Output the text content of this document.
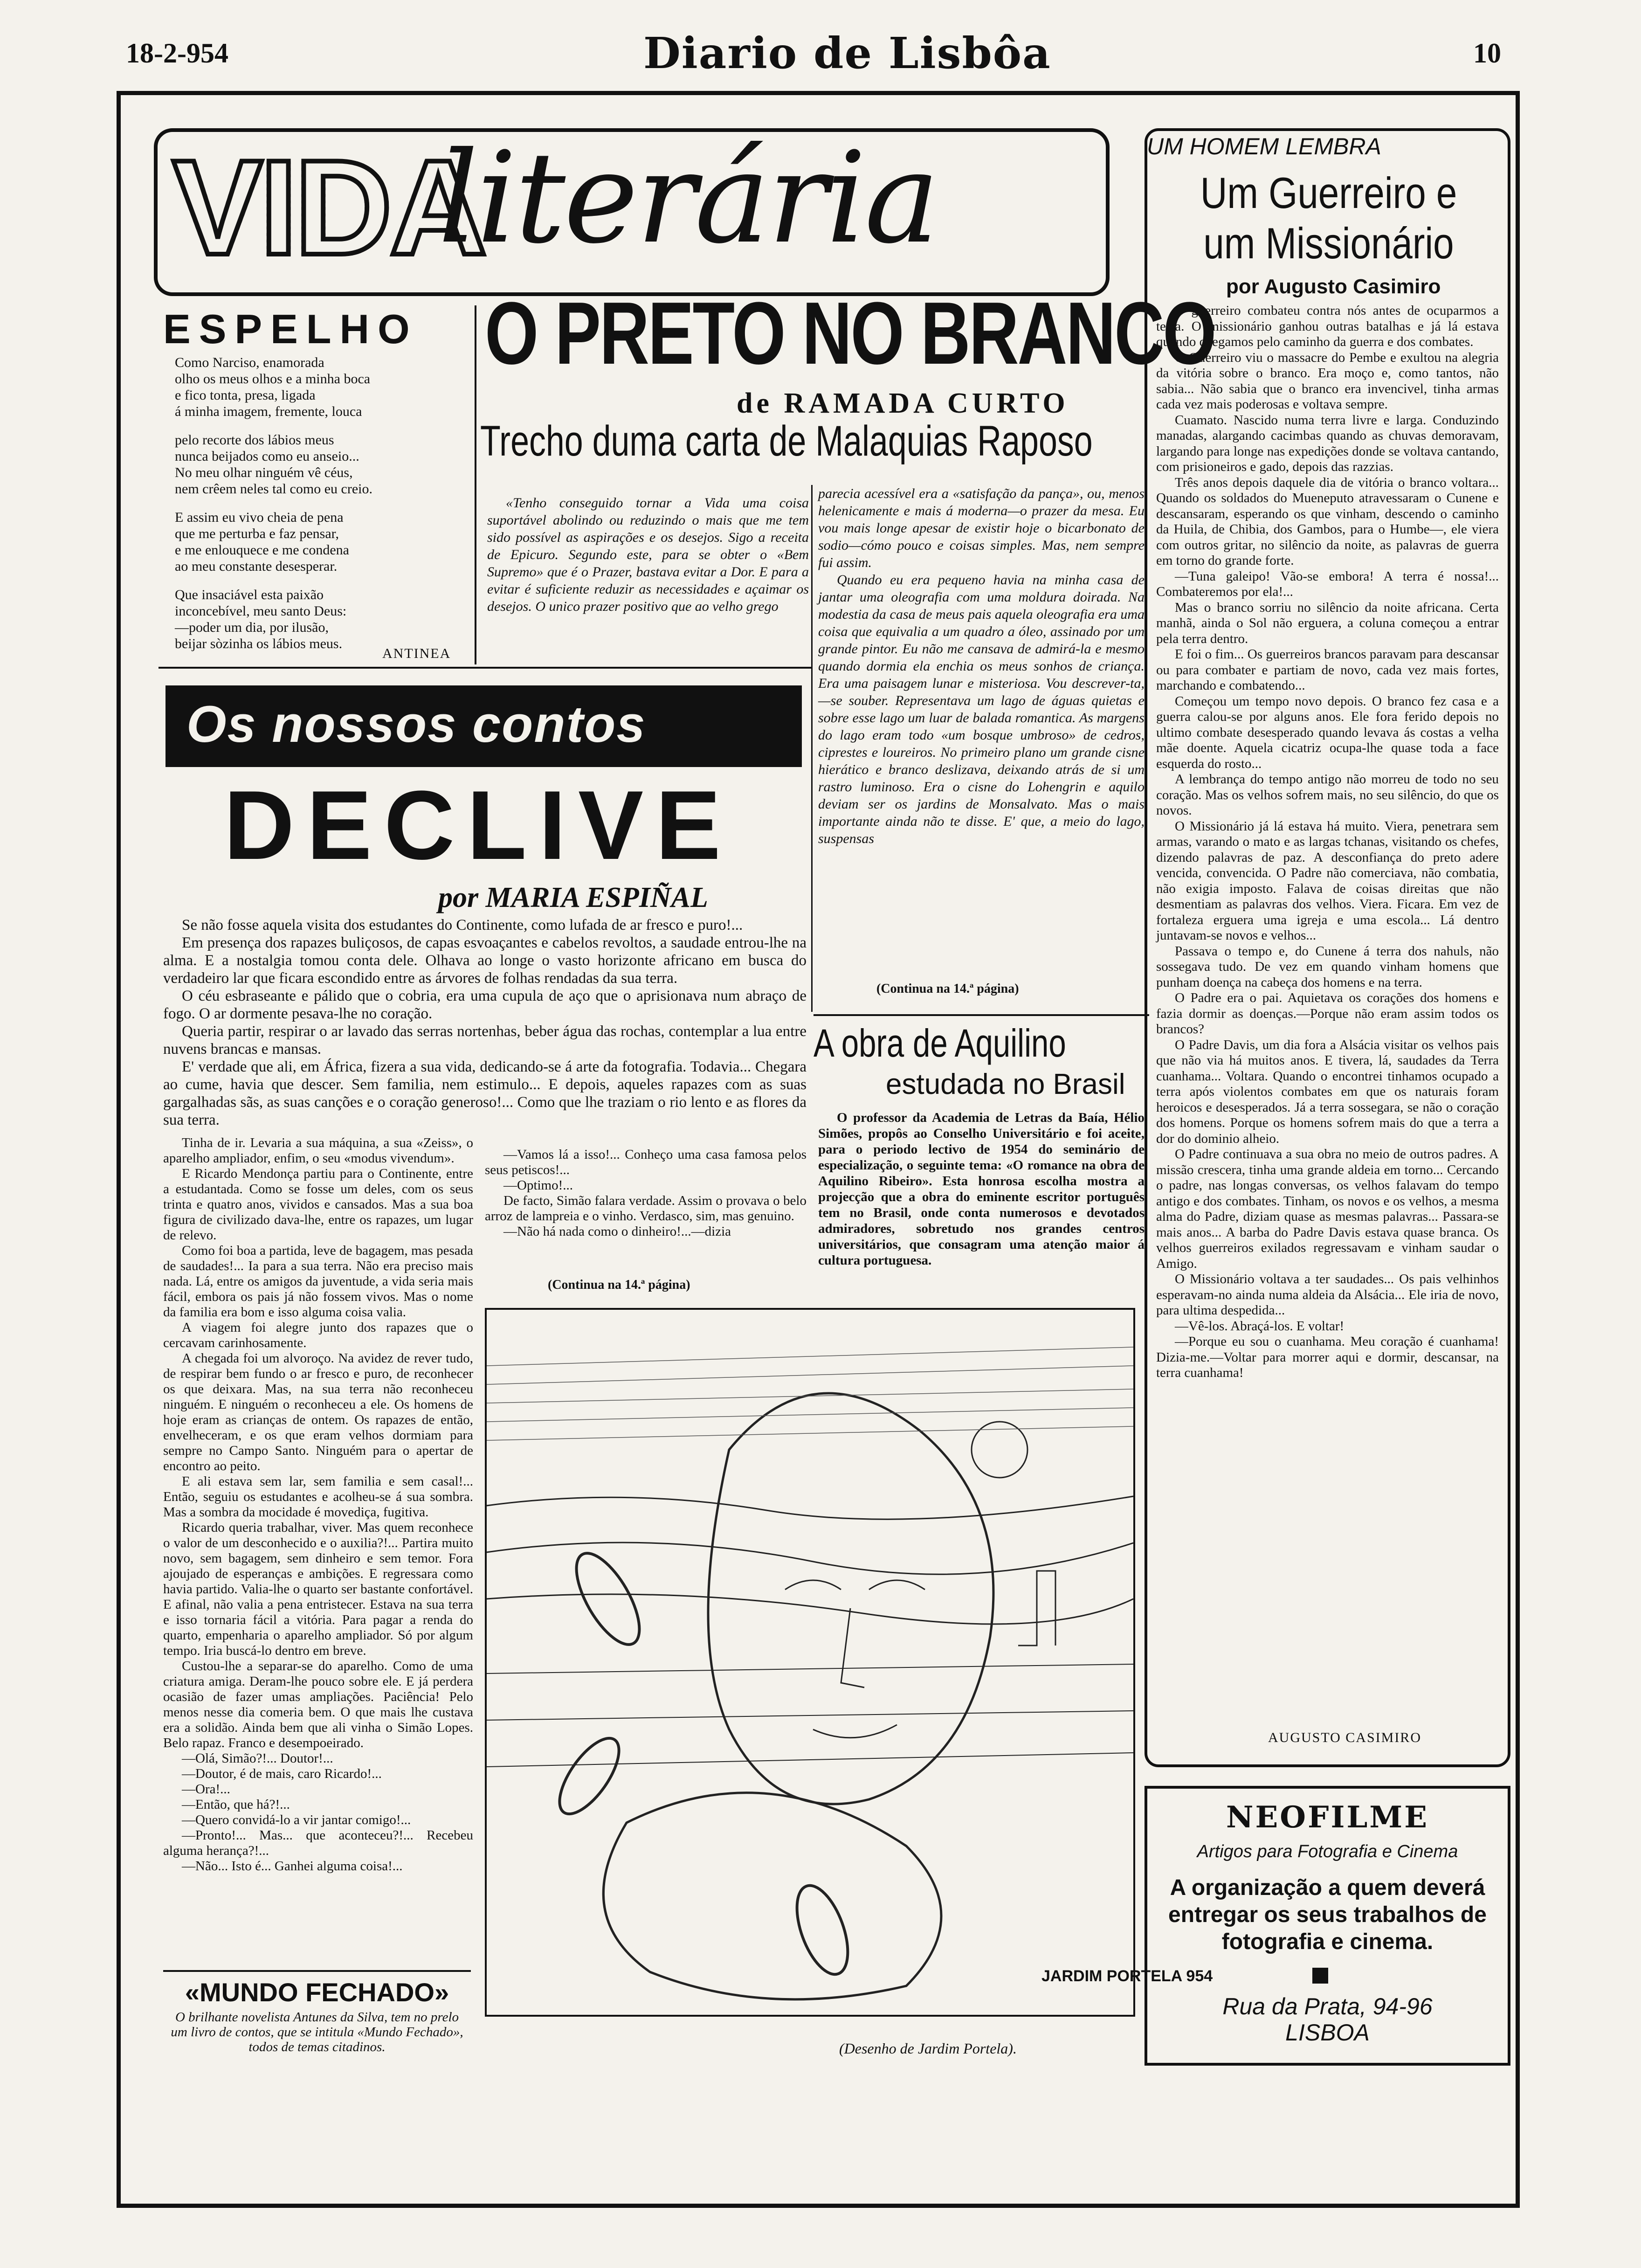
18-2-954	Diario de Lisbôa	10
VIDA
literária
ESPELHO
Como Narciso, enamorada
olho os meus olhos e a minha boca
e fico tonta, presa, ligada
á minha imagem, fremente, louca
pelo recorte dos lábios meus
nunca beijados como eu anseio...
No meu olhar ninguém vê céus,
nem crêem neles tal como eu creio.
E assim eu vivo cheia de pena
que me perturba e faz pensar,
e me enlouquece e me condena
ao meu constante desesperar.
Que insaciável esta paixão
inconcebível, meu santo Deus:
—poder um dia, por ilusão,
beijar sòzinha os lábios meus.
ANTINEA
O PRETO NO BRANCO
de RAMADA CURTO
Trecho duma carta de Malaquias Raposo

«Tenho conseguido tornar a Vida uma coisa suportável abolindo ou reduzindo o mais que me tem sido possível as aspirações e os desejos. Sigo a receita de Epicuro. Segundo este, para se obter o «Bem Supremo» que é o Prazer, bastava evitar a Dor. E para a evitar é suficiente reduzir as necessidades e açaimar os desejos. O unico prazer positivo que ao velho grego

parecia acessível era a «satisfação da pança», ou, menos helenicamente e mais á moderna—o prazer da mesa. Eu vou mais longe apesar de existir hoje o bicarbonato de sodio—cómo pouco e coisas simples. Mas, nem sempre fui assim.

Quando eu era pequeno havia na minha casa de jantar uma oleografia com uma moldura doirada. Na modestia da casa de meus pais aquela oleografia era uma coisa que equivalia a um quadro a óleo, assinado por um grande pintor. Eu não me cansava de admirá-la e mesmo quando dormia ela enchia os meus sonhos de criança. Era uma paisagem lunar e misteriosa. Vou descrever-ta,—se souber. Representava um lago de águas quietas e sobre esse lago um luar de balada romantica. As margens do lago eram todo «um bosque umbroso» de cedros, ciprestes e loureiros. No primeiro plano um grande cisne hierático e branco deslizava, deixando atrás de si um rastro luminoso. Era o cisne do Lohengrin e aquilo deviam ser os jardins de Monsalvato. Mas o mais importante ainda não te disse. E' que, a meio do lago, suspensas

(Continua na 14.ª página)
Os nossos contos
DECLIVE
por MARIA ESPIÑAL

Se não fosse aquela visita dos estudantes do Continente, como lufada de ar fresco e puro!...

Em presença dos rapazes buliçosos, de capas esvoaçantes e cabelos revoltos, a saudade entrou-lhe na alma. E a nostalgia tomou conta dele. Olhava ao longe o vasto horizonte africano em busca do verdadeiro lar que ficara escondido entre as árvores de folhas rendadas da sua terra.

O céu esbraseante e pálido que o cobria, era uma cupula de aço que o aprisionava num abraço de fogo. O ar dormente pesava-lhe no coração.

Queria partir, respirar o ar lavado das serras nortenhas, beber água das rochas, contemplar a lua entre nuvens brancas e mansas.

E' verdade que ali, em África, fizera a sua vida, dedicando-se á arte da fotografia. Todavia... Chegara ao cume, havia que descer. Sem familia, nem estimulo... E depois, aqueles rapazes com as suas gargalhadas sãs, as suas canções e o coração generoso!... Como que lhe traziam o rio lento e as flores da sua terra.

Tinha de ir. Levaria a sua máquina, a sua «Zeiss», o aparelho ampliador, enfim, o seu «modus vivendum».

E Ricardo Mendonça partiu para o Continente, entre a estudantada. Como se fosse um deles, com os seus trinta e quatro anos, vividos e cansados. Mas a sua boa figura de civilizado dava-lhe, entre os rapazes, um lugar de relevo.

Como foi boa a partida, leve de bagagem, mas pesada de saudades!... Ia para a sua terra. Não era preciso mais nada. Lá, entre os amigos da juventude, a vida seria mais fácil, embora os pais já não fossem vivos. Mas o nome da familia era bom e isso alguma coisa valia.

A viagem foi alegre junto dos rapazes que o cercavam carinhosamente.

A chegada foi um alvoroço. Na avidez de rever tudo, de respirar bem fundo o ar fresco e puro, de reconhecer os que deixara. Mas, na sua terra não reconheceu ninguém. E ninguém o reconheceu a ele. Os homens de hoje eram as crianças de ontem. Os rapazes de então, envelheceram, e os que eram velhos dormiam para sempre no Campo Santo. Ninguém para o apertar de encontro ao peito.

E ali estava sem lar, sem familia e sem casal!... Então, seguiu os estudantes e acolheu-se á sua sombra. Mas a sombra da mocidade é movediça, fugitiva.

Ricardo queria trabalhar, viver. Mas quem reconhece o valor de um desconhecido e o auxilia?!... Partira muito novo, sem bagagem, sem dinheiro e sem temor. Fora ajoujado de esperanças e ambições. E regressara como havia partido. Valia-lhe o quarto ser bastante confortável. E afinal, não valia a pena entristecer. Estava na sua terra e isso tornaria fácil a vitória. Para pagar a renda do quarto, empenharia o aparelho ampliador. Só por algum tempo. Iria buscá-lo dentro em breve.

Custou-lhe a separar-se do aparelho. Como de uma criatura amiga. Deram-lhe pouco sobre ele. E já perdera ocasião de fazer umas ampliações. Paciência! Pelo menos nesse dia comeria bem. O que mais lhe custava era a solidão. Ainda bem que ali vinha o Simão Lopes. Belo rapaz. Franco e desempoeirado.

—Olá, Simão?!... Doutor!...

—Doutor, é de mais, caro Ricardo!...

—Ora!...

—Então, que há?!...

—Quero convidá-lo a vir jantar comigo!...

—Pronto!... Mas... que aconteceu?!... Recebeu alguma herança?!...

—Não... Isto é... Ganhei alguma coisa!...

—Vamos lá a isso!... Conheço uma casa famosa pelos seus petiscos!...

—Optimo!...

De facto, Simão falara verdade. Assim o provava o belo arroz de lampreia e o vinho. Verdasco, sim, mas genuino.

—Não há nada como o dinheiro!...—dizia

(Continua na 14.ª página)
«MUNDO FECHADO»
O brilhante novelista Antunes da Silva, tem no prelo um livro de contos, que se intitula «Mundo Fechado», todos de temas citadinos.
A obra de Aquilino
estudada no Brasil

O professor da Academia de Letras da Baía, Hélio Simões, propôs ao Conselho Universitário e foi aceite, para o periodo lectivo de 1954 do seminário de especialização, o seguinte tema: «O romance na obra de Aquilino Ribeiro». Esta honrosa escolha mostra a projecção que a obra do eminente escritor português tem no Brasil, onde conta numerosos e devotados admiradores, sobretudo nos grandes centros universitários, que consagram uma atenção maior á cultura portuguesa.

JARDIM PORTELA 954
(Desenho de Jardim Portela).
UM HOMEM LEMBRA
Um Guerreiro e um Missionário
por Augusto Casimiro

O guerreiro combateu contra nós antes de ocuparmos a terra. O missionário ganhou outras batalhas e já lá estava quando chegamos pelo caminho da guerra e dos combates.

O Guerreiro viu o massacre do Pembe e exultou na alegria da vitória sobre o branco. Era moço e, como tantos, não sabia... Não sabia que o branco era invencivel, tinha armas cada vez mais poderosas e voltava sempre.

Cuamato. Nascido numa terra livre e larga. Conduzindo manadas, alargando cacimbas quando as chuvas demoravam, largando para longe nas expedições donde se voltava cantando, com prisioneiros e gado, depois das razzias.

Três anos depois daquele dia de vitória o branco voltara... Quando os soldados do Mueneputo atravessaram o Cunene e descansaram, esperando os que vinham, descendo o caminho da Huila, de Chibia, dos Gambos, para o Humbe—, ele viera com outros gritar, no silêncio da noite, as palavras de guerra em torno do grande forte.

—Tuna galeipo! Vão-se embora! A terra é nossa!... Combateremos por ela!...

Mas o branco sorriu no silêncio da noite africana. Certa manhã, ainda o Sol não erguera, a coluna começou a entrar pela terra dentro.

E foi o fim... Os guerreiros brancos paravam para descansar ou para combater e partiam de novo, cada vez mais fortes, marchando e combatendo...

Começou um tempo novo depois. O branco fez casa e a guerra calou-se por alguns anos. Ele fora ferido depois no ultimo combate desesperado quando levava ás costas a velha mãe doente. Aquela cicatriz ocupa-lhe quase toda a face esquerda do rosto...

A lembrança do tempo antigo não morreu de todo no seu coração. Mas os velhos sofrem mais, no seu silêncio, do que os novos.

O Missionário já lá estava há muito. Viera, penetrara sem armas, varando o mato e as largas tchanas, visitando os chefes, dizendo palavras de paz. A desconfiança do preto adere vencida, convencida. O Padre não comerciava, não combatia, não exigia imposto. Falava de coisas direitas que não desmentiam as palavras dos velhos. Viera. Ficara. Em vez de fortaleza erguera uma igreja e uma escola... Lá dentro juntavam-se novos e velhos...

Passava o tempo e, do Cunene á terra dos nahuls, não sossegava tudo. De vez em quando vinham homens que punham doença na cabeça dos homens e na terra.

O Padre era o pai. Aquietava os corações dos homens e fazia dormir as doenças.—Porque não eram assim todos os brancos?

O Padre Davis, um dia fora a Alsácia visitar os velhos pais que não via há muitos anos. E tivera, lá, saudades da Terra cuanhama... Voltara. Quando o encontrei tinhamos ocupado a terra após violentos combates em que os naturais foram heroicos e desesperados. Já a terra sossegara, se não o coração dos homens. Porque os homens sofrem mais do que a terra a dor do dominio alheio.

O Padre continuava a sua obra no meio de outros padres. A missão crescera, tinha uma grande aldeia em torno... Cercando o padre, nas longas conversas, os velhos falavam do tempo antigo e dos combates. Tinham, os novos e os velhos, a mesma alma do Padre, diziam quase as mesmas palavras... Passara-se mais anos... A barba do Padre Davis estava quase branca. Os velhos guerreiros exilados regressavam e vinham saudar o Amigo.

O Missionário voltava a ter saudades... Os pais velhinhos esperavam-no ainda numa aldeia da Alsácia... Ele iria de novo, para ultima despedida...

—Vê-los. Abraçá-los. E voltar!

—Porque eu sou o cuanhama. Meu coração é cuanhama! Dizia-me.—Voltar para morrer aqui e dormir, descansar, na terra cuanhama!

AUGUSTO CASIMIRO
NEOFILME
Artigos para Fotografia e Cinema
A organização a quem deverá entregar os seus trabalhos de fotografia e cinema.
Rua da Prata, 94-96
LISBOA
